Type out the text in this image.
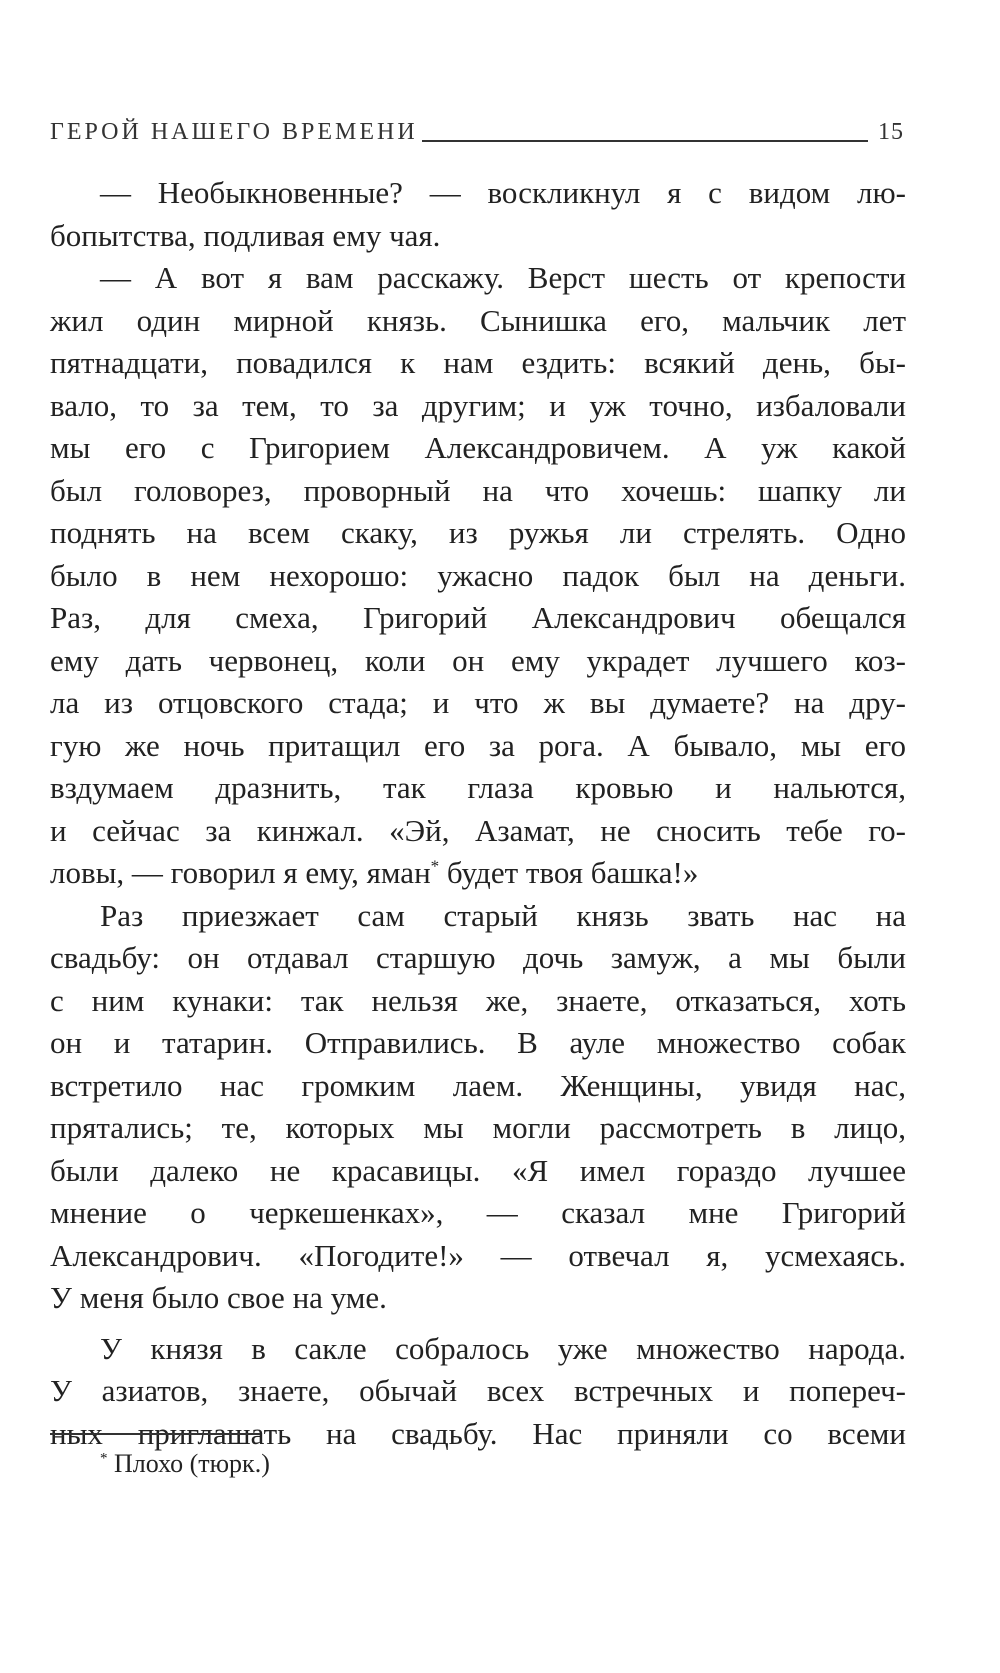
ГЕРОЙ НАШЕГО ВРЕМЕНИ	15
— Необыкновенные? — воскликнул я с видом лю-
бопытства, подливая ему чая.
— А вот я вам расскажу. Верст шесть от крепости
жил один мирной князь. Сынишка его, мальчик лет
пятнадцати, повадился к нам ездить: всякий день, бы-
вало, то за тем, то за другим; и уж точно, избаловали
мы его с Григорием Александровичем. А уж какой
был головорез, проворный на что хочешь: шапку ли
поднять на всем скаку, из ружья ли стрелять. Одно
было в нем нехорошо: ужасно падок был на деньги.
Раз, для смеха, Григорий Александрович обещался
ему дать червонец, коли он ему украдет лучшего коз-
ла из отцовского стада; и что ж вы думаете? на дру-
гую же ночь притащил его за рога. А бывало, мы его
вздумаем дразнить, так глаза кровью и нальются,
и сейчас за кинжал. «Эй, Азамат, не сносить тебе го-
ловы, — говорил я ему, яман* будет твоя башка!»
Раз приезжает сам старый князь звать нас на
свадьбу: он отдавал старшую дочь замуж, а мы были
с ним кунаки: так нельзя же, знаете, отказаться, хоть
он и татарин. Отправились. В ауле множество собак
встретило нас громким лаем. Женщины, увидя нас,
прятались; те, которых мы могли рассмотреть в лицо,
были далеко не красавицы. «Я имел гораздо лучшее
мнение о черкешенках», — сказал мне Григорий
Александрович. «Погодите!» — отвечал я, усмехаясь.
У меня было свое на уме.
У князя в сакле собралось уже множество народа.
У азиатов, знаете, обычай всех встречных и попереч-
ных приглашать на свадьбу. Нас приняли со всеми
* Плохо (тюрк.)
